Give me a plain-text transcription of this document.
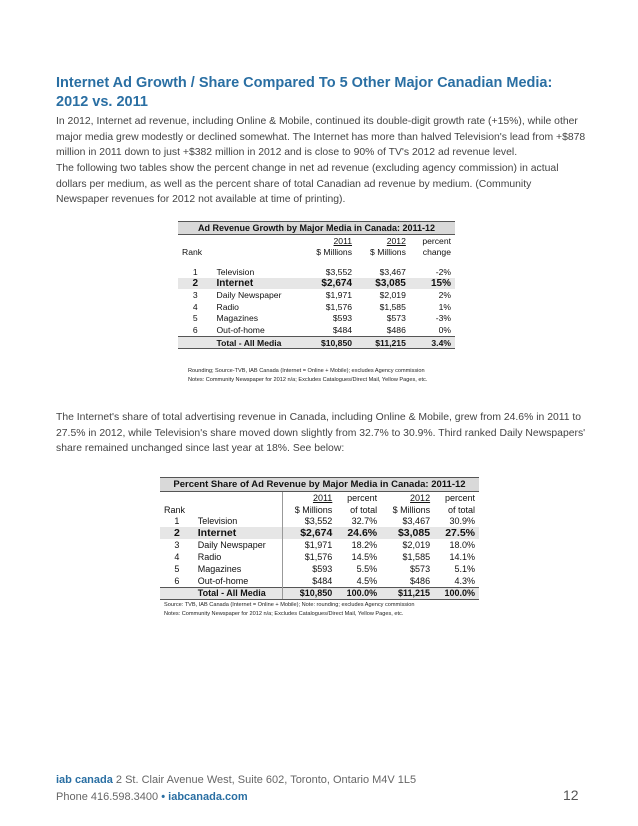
Internet Ad Growth / Share Compared To 5 Other Major Canadian Media:
2012 vs. 2011
In 2012, Internet ad revenue, including Online & Mobile, continued its double-digit growth rate (+15%), while other major media grew modestly or declined somewhat. The Internet has more than halved Television's lead from +$878 million in 2011 down to just +$382 million in 2012 and is close to 90% of TV's 2012 ad revenue level.
The following two tables show the percent change in net ad revenue (excluding agency commission) in actual dollars per medium, as well as the percent share of total Canadian ad revenue by medium. (Community Newspaper revenues for 2012 not available at time of printing).
Ad Revenue Growth by Major Media in Canada: 2011-12				
		2011	2012	percent
Rank		$ Millions	$ Millions	change

1	Television	$3,552	$3,467	-2%
2	Internet	$2,674	$3,085	15%
3	Daily Newspaper	$1,971	$2,019	2%
4	Radio	$1,576	$1,585	1%
5	Magazines	$593	$573	-3%
6	Out-of-home	$484	$486	0%
	Total - All Media	$10,850	$11,215	3.4%
Rounding; Source-TVB, IAB Canada (Internet = Online + Mobile); excludes Agency commission
Notes: Community Newspaper for 2012 n/a; Excludes Catalogues/Direct Mail, Yellow Pages, etc.
The Internet's share of total advertising revenue in Canada, including Online & Mobile, grew from 24.6% in 2011 to 27.5% in 2012, while Television's share moved down slightly from 32.7% to 30.9%. Third ranked Daily Newspapers' share remained unchanged since last year at 18%. See below:
Percent Share of Ad Revenue by Major Media in Canada: 2011-12					
		2011	percent	2012	percent
Rank		$ Millions	of total	$ Millions	of total
1	Television	$3,552	32.7%	$3,467	30.9%
2	Internet	$2,674	24.6%	$3,085	27.5%
3	Daily Newspaper	$1,971	18.2%	$2,019	18.0%
4	Radio	$1,576	14.5%	$1,585	14.1%
5	Magazines	$593	5.5%	$573	5.1%
6	Out-of-home	$484	4.5%	$486	4.3%
	Total - All Media	$10,850	100.0%	$11,215	100.0%
Source: TVB, IAB Canada (Internet = Online + Mobile); Note: rounding; excludes Agency commission
Notes: Community Newspaper for 2012 n/a; Excludes Catalogues/Direct Mail, Yellow Pages, etc.
iab canada 2 St. Clair Avenue West, Suite 602, Toronto, Ontario M4V 1L5
Phone 416.598.3400 • iabcanada.com	12
